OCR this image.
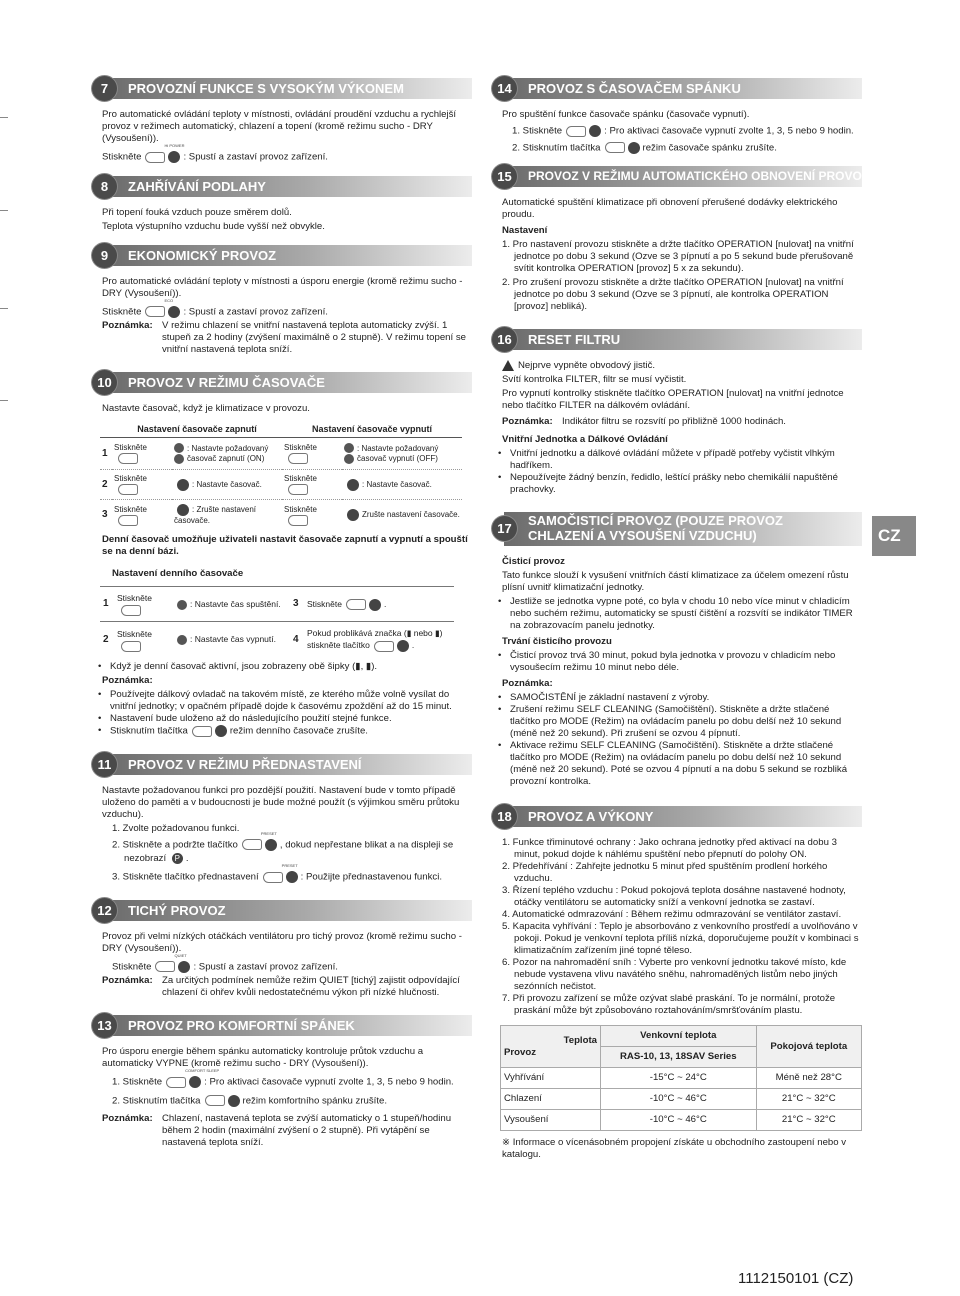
7	PROVOZNÍ FUNKCE S VYSOKÝM VÝKONEM

Pro automatické ovládání teploty v místnosti, ovládání proudění vzduchu a rychlejší provoz v režimech automatický, chlazení a topení (kromě režimu sucho - DRY (Vysoušení)).

Stiskněte
Hi POWER
: Spustí a zastaví provoz zařízení.

8	ZAHŘÍVÁNÍ PODLAHY

Při topení fouká vzduch pouze směrem dolů.

Teplota výstupního vzduchu bude vyšší než obvykle.

9	EKONOMICKÝ PROVOZ

Pro automatické ovládání teploty v místnosti a úsporu energie (kromě režimu sucho - DRY (Vysoušení)).

Stiskněte
ECO
: Spustí a zastaví provoz zařízení.

Poznámka: V režimu chlazení se vnitřní nastavená teplota automaticky zvýší. 1 stupeň za 2 hodiny (zvýšení maximálně o 2 stupně). V režimu topení se vnitřní nastavená teplota sníží.
10	PROVOZ V REŽIMU ČASOVAČE

Nastavte časovač, když je klimatizace v provozu.

	Nastavení časovače zapnutí		Nastavení časovače vypnutí	
1	Stiskněte	: Nastavte požadovaný časovač zapnutí (ON)	Stiskněte	: Nastavte požadovaný časovač vypnutí (OFF)
2	Stiskněte	: Nastavte časovač.	Stiskněte	: Nastavte časovač.
3	Stiskněte	: Zrušte nastavení časovače.	Stiskněte	Zrušte nastavení časovače.

Denní časovač umožňuje uživateli nastavit časovače zapnutí a vypnutí a spouští se na denní bázi.

Nastavení denního časovače

1	Stiskněte	: Nastavte čas spuštění.	3	Stiskněte .
2	Stiskněte	: Nastavte čas vypnutí.	4	Pokud problikává značka (▮ nebo ▮)
stiskněte tlačítko .
• Když je denní časovač aktivní, jsou zobrazeny obě šipky (▮, ▮).

Poznámka:

• Používejte dálkový ovladač na takovém místě, ze kterého může volně vysílat do vnitřní jednotky; v opačném případě dojde k časovému zpoždění až do 15 minut.
• Nastavení bude uloženo až do následujícího použití stejné funkce.
• Stisknutím tlačítka	režim denního časovače zrušíte.
11	PROVOZ V REŽIMU PŘEDNASTAVENÍ

Nastavte požadovanou funkci pro pozdější použití. Nastavení bude v tomto případě uloženo do paměti a v budoucnosti je bude možné použít (s výjimkou směru průtoku vzduchu).

1. Zvolte požadovanou funkci.

2. Stiskněte a podržte tlačítko
PRESET
, dokud nepřestane blikat a na displeji se

nezobrazí P .

3. Stiskněte tlačítko přednastavení
PRESET
: Použijte přednastavenou funkci.

12	TICHÝ PROVOZ

Provoz při velmi nízkých otáčkách ventilátoru pro tichý provoz (kromě režimu sucho - DRY (Vysoušení)).

Stiskněte
QUIET
: Spustí a zastaví provoz zařízení.

Poznámka: Za určitých podmínek nemůže režim QUIET [tichý] zajistit odpovídající chlazení či ohřev kvůli nedostatečnému výkon při nízké hlučnosti.
13	PROVOZ PRO KOMFORTNÍ SPÁNEK

Pro úsporu energie během spánku automaticky kontroluje průtok vzduchu a automaticky VYPNE (kromě režimu sucho - DRY (Vysoušení)).

1. Stiskněte
COMFORT SLEEP
: Pro aktivaci časovače vypnutí zvolte 1, 3, 5 nebo 9 hodin.

2. Stisknutím tlačítka	režim komfortního spánku zrušíte.

Poznámka: Chlazení, nastavená teplota se zvýší automaticky o 1 stupeň/hodinu během 2 hodin (maximální zvýšení o 2 stupně). Při vytápění se nastavená teplota sníží.
14	PROVOZ S ČASOVAČEM SPÁNKU

Pro spuštění funkce časovače spánku (časovače vypnutí).

1. Stiskněte	: Pro aktivaci časovače vypnutí zvolte 1, 3, 5 nebo 9 hodin.

2. Stisknutím tlačítka	režim časovače spánku zrušíte.

15	PROVOZ V REŽIMU AUTOMATICKÉHO OBNOVENÍ PROVOZU

Automatické spuštění klimatizace při obnovení přerušené dodávky elektrického proudu.

Nastavení

1. Pro nastavení provozu stiskněte a držte tlačítko OPERATION [nulovat] na vnitřní jednotce po dobu 3 sekund (Ozve se 3 pípnutí a po 5 sekund bude přerušovaně svítit kontrolka OPERATION [provoz] 5 x za sekundu).

2. Pro zrušení provozu stiskněte a držte tlačítko OPERATION [nulovat] na vnitřní jednotce po dobu 3 sekund (Ozve se 3 pípnutí, ale kontrolka OPERATION [provoz] nebliká).

16	RESET FILTRU

Nejprve vypněte obvodový jistič.

Svítí kontrolka FILTER, filtr se musí vyčistit.

Pro vypnutí kontrolky stiskněte tlačítko OPERATION [nulovat] na vnitřní jednotce nebo tlačítko FILTER na dálkovém ovládání.

Poznámka: Indikátor filtru se rozsvítí po přibližně 1000 hodinách.

Vnitřní Jednotka a Dálkové Ovládání

• Vnitřní jednotku a dálkové ovládání můžete v případě potřeby vyčistit vlhkým hadříkem.
• Nepoužívejte žádný benzín, ředidlo, leštící prášky nebo chemikálií napuštěné prachovky.
17
SAMOČISTICÍ PROVOZ (POUZE PROVOZ
CHLAZENÍ A VYSOUŠENÍ VZDUCHU)

Čisticí provoz

Tato funkce slouží k vysušení vnitřních částí klimatizace za účelem omezení růstu plísní uvnitř klimatizační jednotky.

• Jestliže se jednotka vypne poté, co byla v chodu 10 nebo více minut v chladicím nebo suchém režimu, automaticky se spustí čištění a rozsvítí se indikátor TIMER na zobrazovacím panelu jednotky.

Trvání čisticího provozu

• Čisticí provoz trvá 30 minut, pokud byla jednotka v provozu v chladicím nebo vysoušecím režimu 10 minut nebo déle.

Poznámka:

• SAMOČISTĚNÍ je základní nastavení z výroby.
• Zrušení režimu SELF CLEANING (Samočištění). Stiskněte a držte stlačené tlačítko pro MODE (Režim) na ovládacím panelu po dobu delší než 10 sekund (méně než 20 sekund). Při zrušení se ozvou 4 pípnutí.
• Aktivace režimu SELF CLEANING (Samočištění). Stiskněte a držte stlačené tlačítko pro MODE (Režim) na ovládacím panelu po dobu delší než 10 sekund (méně než 20 sekund). Poté se ozvou 4 pípnutí a na dobu 5 sekund se rozbliká provozní kontrolka.
18	PROVOZ A VÝKONY
1. Funkce třiminutové ochrany : Jako ochrana jednotky před aktivací na dobu 3 minut, pokud dojde k náhlému spuštění nebo přepnutí do polohy ON.
2. Předehřívání : Zahřejte jednotku 5 minut před spuštěním prodlení horkého vzduchu.
3. Řízení teplého vzduchu : Pokud pokojová teplota dosáhne nastavené hodnoty, otáčky ventilátoru se automaticky sníží a venkovní jednotka se zastaví.
4. Automatické odmrazování : Během režimu odmrazování se ventilátor zastaví.
5. Kapacita vyhřívání : Teplo je absorbováno z venkovního prostředí a uvolňováno v pokoji. Pokud je venkovní teplota příliš nízká, doporučujeme použít v kombinaci s klimatizačním zařízením jiné topné těleso.
6. Pozor na nahromadění sníh : Vyberte pro venkovní jednotku takové místo, kde nebude vystavena vlivu navátého sněhu, nahromaděných listům nebo jiných sezónních nečistot.
7. Při provozu zařízení se může ozývat slabé praskání. To je normální, protože praskání může být způsobováno roztahováním/smršťováním plastu.
Teplota
Provoz	Venkovní teplota	Pokojová teplota
	RAS-10, 13, 18SAV Series	
Vyhřívání	-15°C ~ 24°C	Méně než 28°C
Chlazení	-10°C ~ 46°C	21°C ~ 32°C
Vysoušení	-10°C ~ 46°C	21°C ~ 32°C

※ Informace o vícenásobném propojení získáte u obchodního zastoupení nebo v katalogu.

CZ
1112150101 (CZ)
